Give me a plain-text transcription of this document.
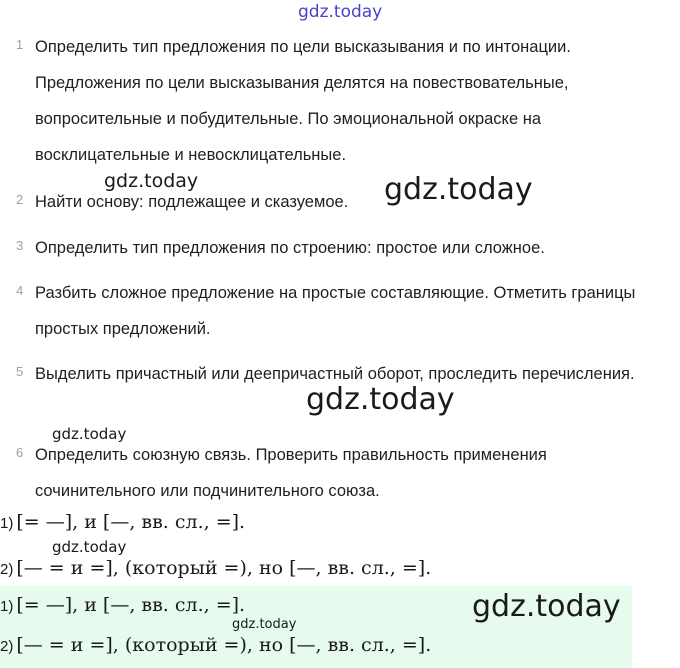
gdz.today
1 Определить тип предложения по цели высказывания и по интонации. Предложения по цели высказывания делятся на повествовательные, вопросительные и побудительные. По эмоциональной окраске на восклицательные и невосклицательные.
2 Найти основу: подлежащее и сказуемое.
3 Определить тип предложения по строению: простое или сложное.
4 Разбить сложное предложение на простые составляющие. Отметить границы простых предложений.
5 Выделить причастный или деепричастный оборот, проследить перечисления.
6 Определить союзную связь. Проверить правильность применения сочинительного или подчинительного союза.
1) [= —], и [—, вв. сл., =].
2) [— = и =], (который =), но [—, вв. сл., =].
1) [= —], и [—, вв. сл., =].
2) [— = и =], (который =), но [—, вв. сл., =].
gdz.today	gdz.today
gdz.today
gdz.today
gdz.today
gdz.today
gdz.today
